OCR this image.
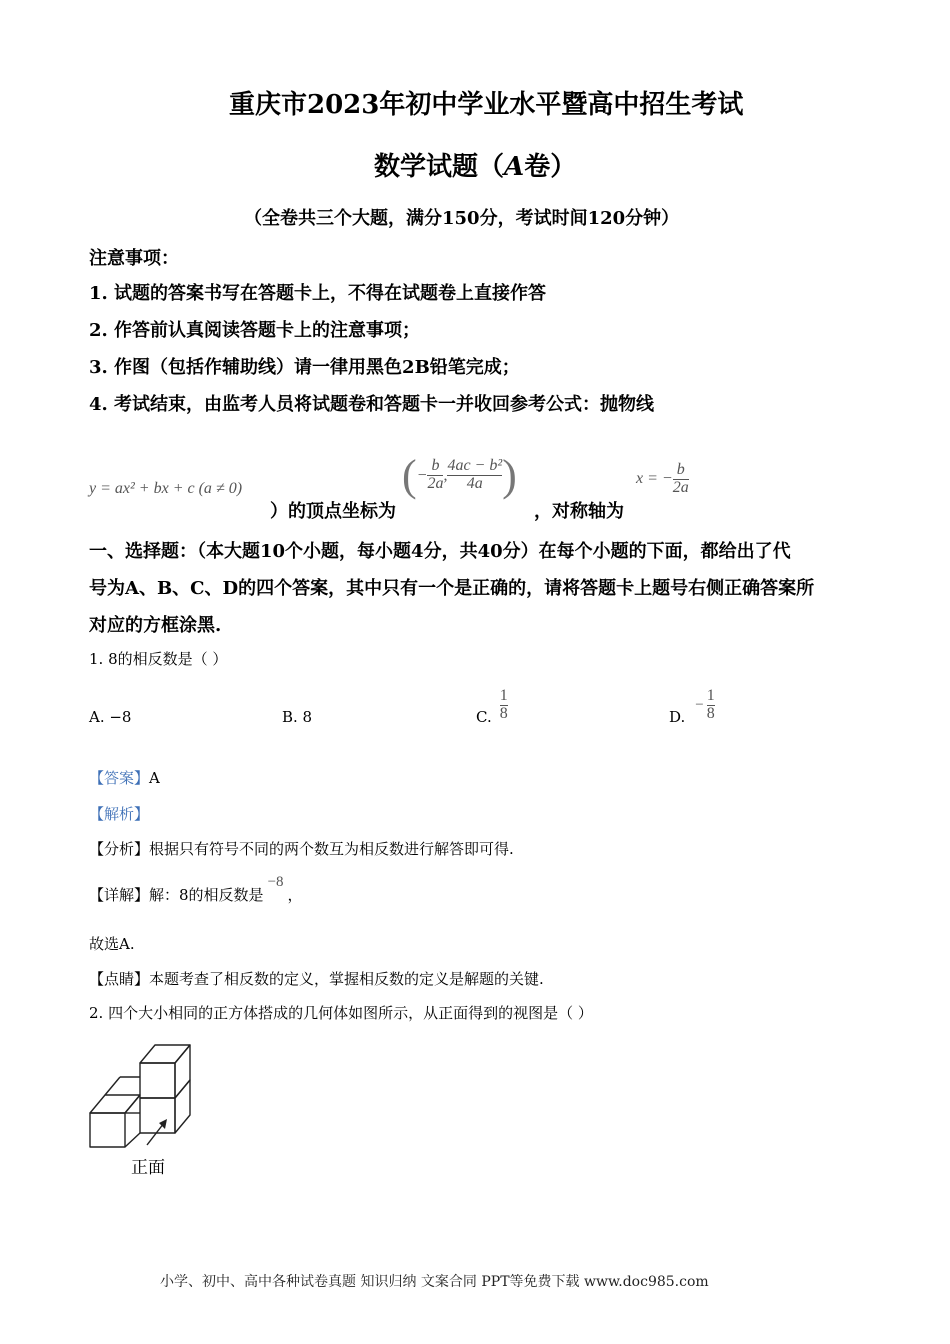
重庆市2023年初中学业水平暨高中招生考试
数学试题（A卷）
（全卷共三个大题，满分150分，考试时间120分钟）
注意事项：
1. 试题的答案书写在答题卡上，不得在试题卷上直接作答
2. 作答前认真阅读答题卡上的注意事项；
3. 作图（包括作辅助线）请一律用黑色2B铅笔完成；
4. 考试结束，由监考人员将试题卷和答题卡一并收回参考公式：抛物线
y = ax² + bx + c (a ≠ 0)
）的顶点坐标为
( − $\frac{b}{2a}$ , $\frac{\text{4ac − b²}}{4a}$ )
，对称轴为
x = − $\frac{b}{2a}$
一、选择题：（本大题10个小题，每小题4分，共40分）在每个小题的下面，都给出了代
号为A、B、C、D的四个答案，其中只有一个是正确的，请将答题卡上题号右侧正确答案所
对应的方框涂黑.
1. 8的相反数是（ ）
A. −8	B. 8	C. $\frac{1}{8}$	D.
− $\frac{1}{8}$
【答案】A
【解析】
【分析】根据只有符号不同的两个数互为相反数进行解答即可得.
【详解】解：8的相反数是−8，
故选A.
【点睛】本题考查了相反数的定义，掌握相反数的定义是解题的关键.
2. 四个大小相同的正方体搭成的几何体如图所示，从正面得到的视图是（ ）
正面
小学、初中、高中各种试卷真题 知识归纳 文案合同 PPT等免费下载 www.doc985.com
